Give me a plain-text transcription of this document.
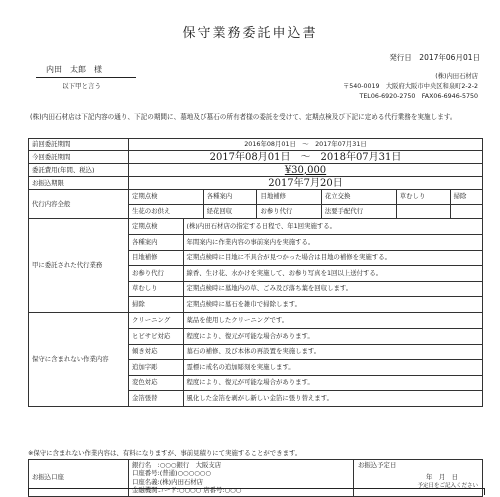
保守業務委託申込書
発行日　2017年06月01日
内田　太郎　様
以下甲と言う
(株)内田石材店
〒540-0019　大阪府大阪市中央区和泉町2-2-2
TEL06-6920-2750　FAX06-6946-5750
(株)内田石材店は下記内容の通り、下記の期間に、墓地及び墓石の所有者様の委託を受けて、定期点検及び下記に定める代行業務を実施します。
前回委託期間	2016年08月01日　～　2017年07月31日
今回委託期間	2017年08月01日　～　2018年07月31日
委託費用(年間、税込)	¥30,000
お振込期限	2017年7月20日
代行内容全般	
定期点検	各種案内	目地補修	花立交換	草むしり	掃除
生花のお供え	経花回収	お参り代行	法要手配代行		

甲に委託された代行業務	
定期点検	(株)内田石材店の指定する日程で、年1回実施する。
各種案内	年間案内に作業内容の事前案内を実施する。
目地補修	定期点検時に目地に不具合が見つかった場合は目地の補修を実施する。
お参り代行	線香、生け花、水かけを実施して、お参り写真を1回以上送付する。
草むしり	定期点検時に墓地内の草、ごみ及び落ち葉を回収します。
掃除	定期点検時に墓石を雑巾で掃除します。

保守に含まれない作業内容	
クリーニング	薬品を使用したクリーニングです。
ヒビサビ対応	程度により、復元が可能な場合があります。
傾き対応	墓石の補修、及び本体の再設置を実施します。
追加字彫	霊標に戒名の追加彫刻を実施します。
変色対応	程度により、復元が可能な場合があります。
金箔張替	風化した金箔を剥がし新しい金箔に張り替えます。
※保守に含まれない作業内容は、有料になりますが、事前見積りにて実施することができます。
お振込口座	
銀行名　:○○○銀行　大阪支店
口座番号:(普通)○○○○○○
口座名義:(株)内田石材店
金融機関コード:○○○○ 店番号:○○○

お振込予定日
年　月　日
予定日をご記入ください
